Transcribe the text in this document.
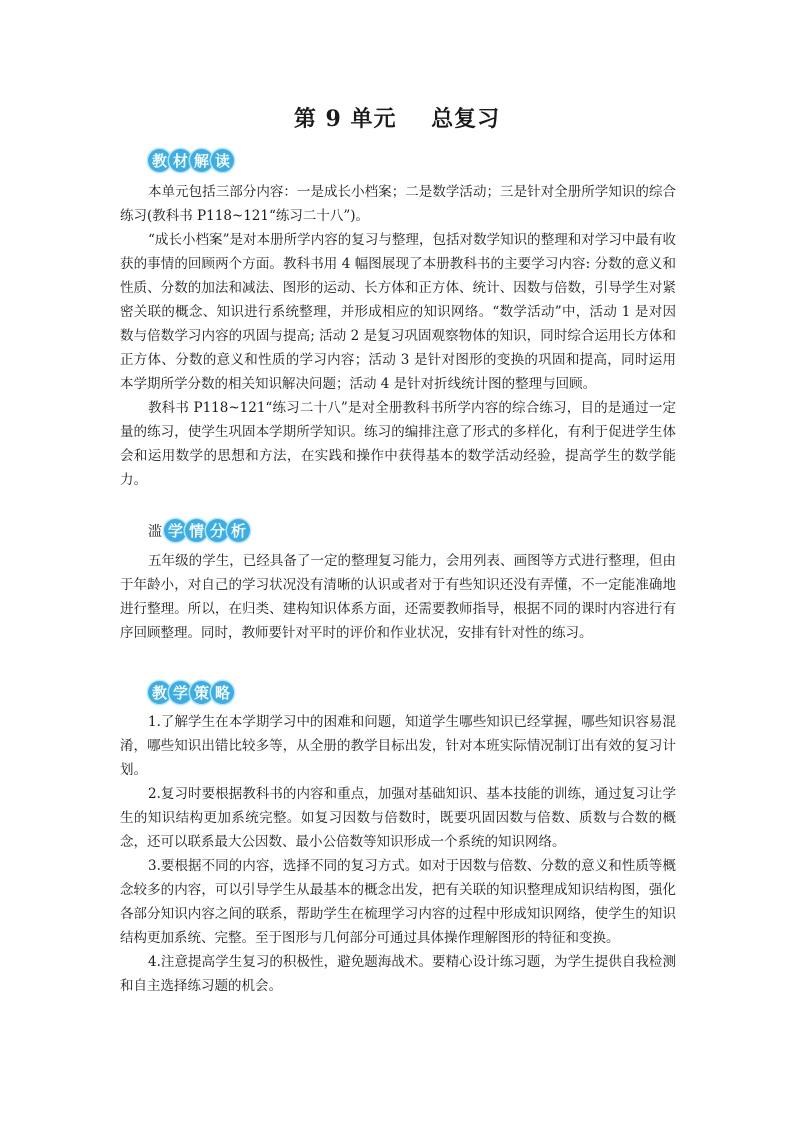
第 9 单元    总复习
教 材 解 读

本单元包括三部分内容：一是成长小档案；二是数学活动；三是针对全册所学知识的综合练习(教科书 P118~121“练习二十八”)。

“成长小档案”是对本册所学内容的复习与整理，包括对数学知识的整理和对学习中最有收获的事情的回顾两个方面。教科书用 4 幅图展现了本册教科书的主要学习内容: 分数的意义和性质、分数的加法和减法、图形的运动、长方体和正方体、统计、因数与倍数，引导学生对紧密关联的概念、知识进行系统整理，并形成相应的知识网络。“数学活动”中，活动 1 是对因数与倍数学习内容的巩固与提高; 活动 2 是复习巩固观察物体的知识，同时综合运用长方体和正方体、分数的意义和性质的学习内容；活动 3 是针对图形的变换的巩固和提高，同时运用本学期所学分数的相关知识解决问题；活动 4 是针对折线统计图的整理与回顾。

教科书 P118~121“练习二十八”是对全册教科书所学内容的综合练习，目的是通过一定量的练习，使学生巩固本学期所学知识。练习的编排注意了形式的多样化，有利于促进学生体会和运用数学的思想和方法，在实践和操作中获得基本的数学活动经验，提高学生的数学能力。

滥 学 情 分 析

五年级的学生，已经具备了一定的整理复习能力，会用列表、画图等方式进行整理，但由于年龄小，对自己的学习状况没有清晰的认识或者对于有些知识还没有弄懂，不一定能准确地进行整理。所以，在归类、建构知识体系方面，还需要教师指导，根据不同的课时内容进行有序回顾整理。同时，教师要针对平时的评价和作业状况，安排有针对性的练习。

教 学 策 略

1.了解学生在本学期学习中的困难和问题，知道学生哪些知识已经掌握，哪些知识容易混淆，哪些知识出错比较多等，从全册的教学目标出发，针对本班实际情况制订出有效的复习计划。

2.复习时要根据教科书的内容和重点，加强对基础知识、基本技能的训练，通过复习让学生的知识结构更加系统完整。如复习因数与倍数时，既要巩固因数与倍数、质数与合数的概念，还可以联系最大公因数、最小公倍数等知识形成一个系统的知识网络。

3.要根据不同的内容，选择不同的复习方式。如对于因数与倍数、分数的意义和性质等概念较多的内容，可以引导学生从最基本的概念出发，把有关联的知识整理成知识结构图，强化各部分知识内容之间的联系，帮助学生在梳理学习内容的过程中形成知识网络，使学生的知识结构更加系统、完整。至于图形与几何部分可通过具体操作理解图形的特征和变换。

4.注意提高学生复习的积极性，避免题海战术。要精心设计练习题，为学生提供自我检测和自主选择练习题的机会。
